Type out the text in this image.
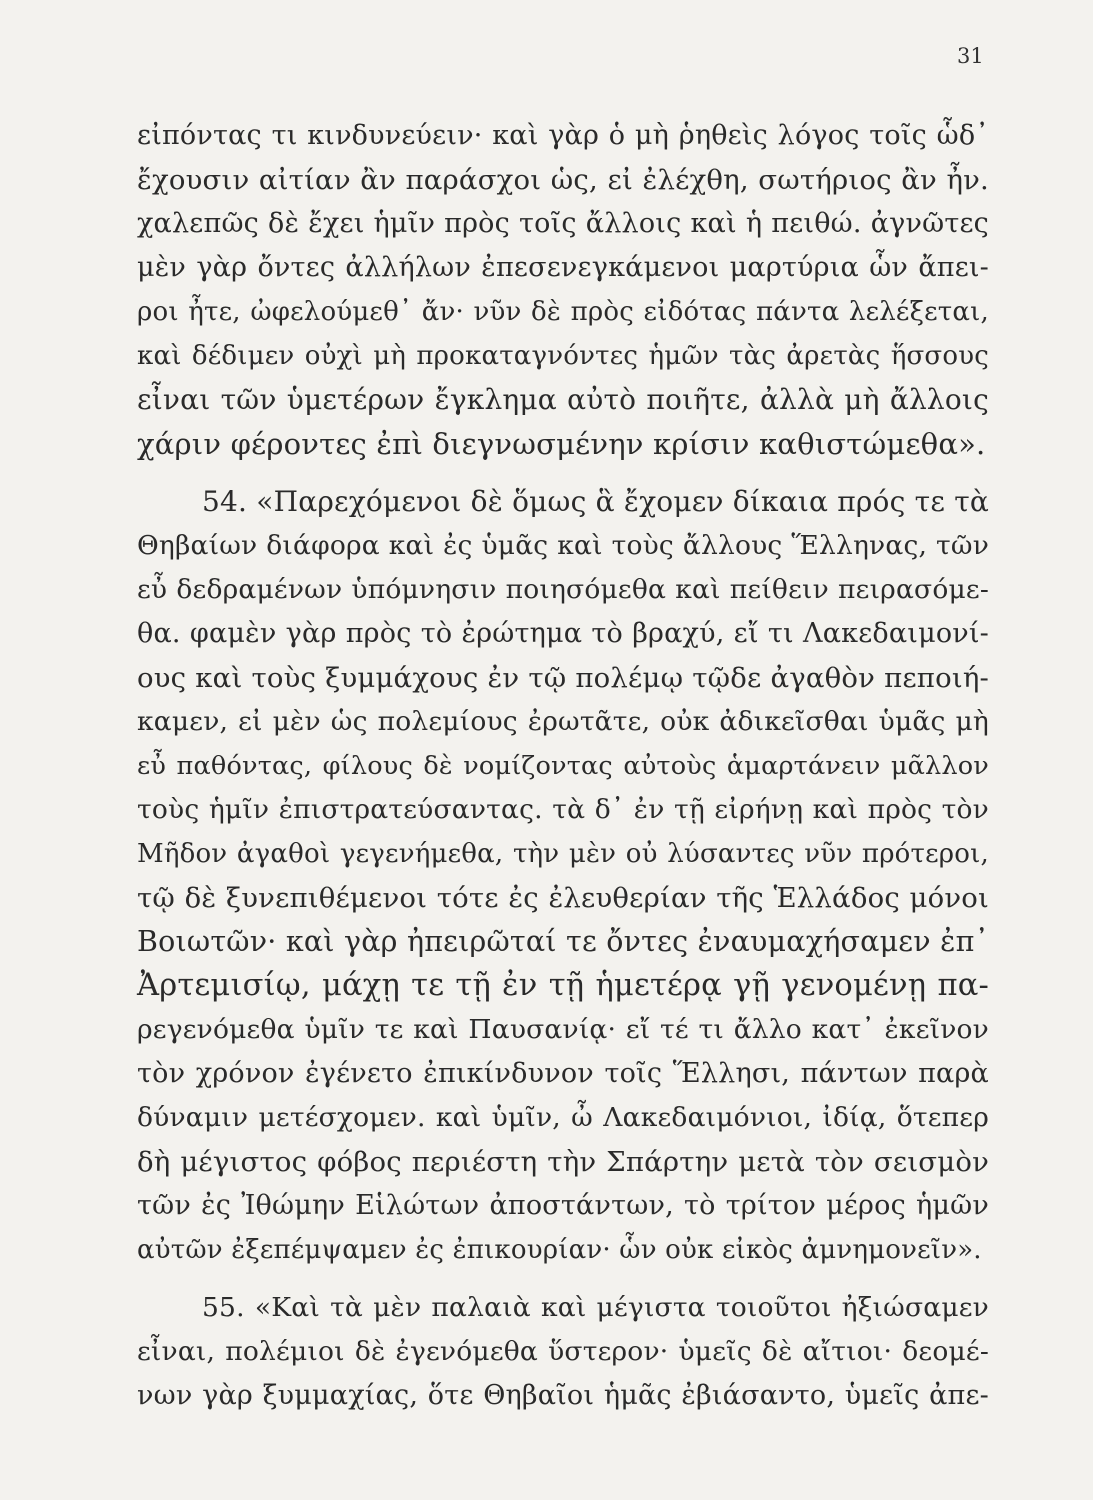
31
εἰπόντας τι κινδυνεύειν· καὶ γὰρ ὁ μὴ ῥηθεὶς λόγος τοῖς ὧδ᾽
ἔχουσιν αἰτίαν ἂν παράσχοι ὡς, εἰ ἐλέχθη, σωτήριος ἂν ἦν.
χαλεπῶς δὲ ἔχει ἡμῖν πρὸς τοῖς ἄλλοις καὶ ἡ πειθώ. ἀγνῶτες
μὲν γὰρ ὄντες ἀλλήλων ἐπεσενεγκάμενοι μαρτύρια ὧν ἄπει-
ροι ἦτε, ὠφελούμεθ᾽ ἄν· νῦν δὲ πρὸς εἰδότας πάντα λελέξεται,
καὶ δέδιμεν οὐχὶ μὴ προκαταγνόντες ἡμῶν τὰς ἀρετὰς ἥσσους
εἶναι τῶν ὑμετέρων ἔγκλημα αὐτὸ ποιῆτε, ἀλλὰ μὴ ἄλλοις
χάριν φέροντες ἐπὶ διεγνωσμένην κρίσιν καθιστώμεθα».
54. «Παρεχόμενοι δὲ ὅμως ἃ ἔχομεν δίκαια πρός τε τὰ
Θηβαίων διάφορα καὶ ἐς ὑμᾶς καὶ τοὺς ἄλλους Ἕλληνας, τῶν
εὖ δεδραμένων ὑπόμνησιν ποιησόμεθα καὶ πείθειν πειρασόμε-
θα. φαμὲν γὰρ πρὸς τὸ ἐρώτημα τὸ βραχύ, εἴ τι Λακεδαιμονί-
ους καὶ τοὺς ξυμμάχους ἐν τῷ πολέμῳ τῷδε ἀγαθὸν πεποιή-
καμεν, εἰ μὲν ὡς πολεμίους ἐρωτᾶτε, οὐκ ἀδικεῖσθαι ὑμᾶς μὴ
εὖ παθόντας, φίλους δὲ νομίζοντας αὐτοὺς ἁμαρτάνειν μᾶλλον
τοὺς ἡμῖν ἐπιστρατεύσαντας. τὰ δ᾽ ἐν τῇ εἰρήνῃ καὶ πρὸς τὸν
Μῆδον ἀγαθοὶ γεγενήμεθα, τὴν μὲν οὐ λύσαντες νῦν πρότεροι,
τῷ δὲ ξυνεπιθέμενοι τότε ἐς ἐλευθερίαν τῆς Ἑλλάδος μόνοι
Βοιωτῶν· καὶ γὰρ ἠπειρῶταί τε ὄντες ἐναυμαχήσαμεν ἐπ᾽
Ἀρτεμισίῳ, μάχῃ τε τῇ ἐν τῇ ἡμετέρᾳ γῇ γενομένῃ πα-
ρεγενόμεθα ὑμῖν τε καὶ Παυσανίᾳ· εἴ τέ τι ἄλλο κατ᾽ ἐκεῖνον
τὸν χρόνον ἐγένετο ἐπικίνδυνον τοῖς Ἕλλησι, πάντων παρὰ
δύναμιν μετέσχομεν. καὶ ὑμῖν, ὦ Λακεδαιμόνιοι, ἰδίᾳ, ὅτεπερ
δὴ μέγιστος φόβος περιέστη τὴν Σπάρτην μετὰ τὸν σεισμὸν
τῶν ἐς Ἰθώμην Εἱλώτων ἀποστάντων, τὸ τρίτον μέρος ἡμῶν
αὐτῶν ἐξεπέμψαμεν ἐς ἐπικουρίαν· ὧν οὐκ εἰκὸς ἀμνημονεῖν».
55. «Καὶ τὰ μὲν παλαιὰ καὶ μέγιστα τοιοῦτοι ἠξιώσαμεν
εἶναι, πολέμιοι δὲ ἐγενόμεθα ὕστερον· ὑμεῖς δὲ αἴτιοι· δεομέ-
νων γὰρ ξυμμαχίας, ὅτε Θηβαῖοι ἡμᾶς ἐβιάσαντο, ὑμεῖς ἀπε-
